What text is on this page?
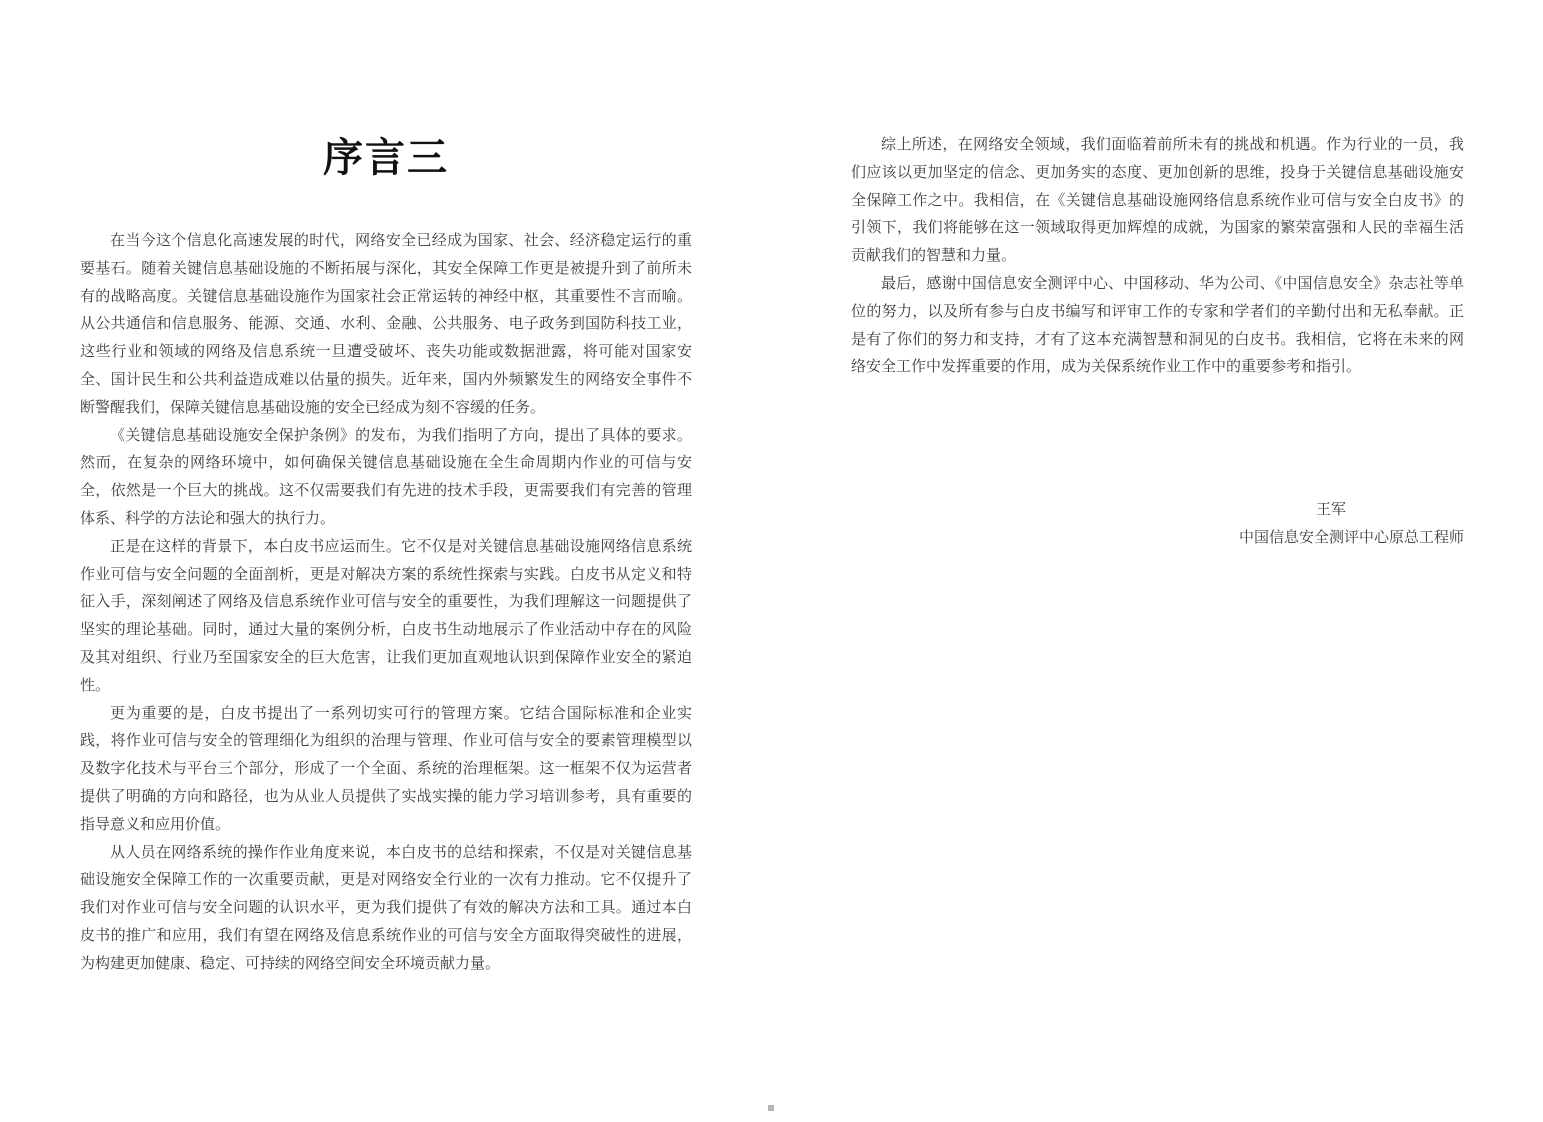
序言三

在当今这个信息化高速发展的时代，网络安全已经成为国家、社会、经济稳定运行的重要基石。随着关键信息基础设施的不断拓展与深化，其安全保障工作更是被提升到了前所未有的战略高度。关键信息基础设施作为国家社会正常运转的神经中枢，其重要性不言而喻。从公共通信和信息服务、能源、交通、水利、金融、公共服务、电子政务到国防科技工业，这些行业和领域的网络及信息系统一旦遭受破坏、丧失功能或数据泄露，将可能对国家安全、国计民生和公共利益造成难以估量的损失。近年来，国内外频繁发生的网络安全事件不断警醒我们，保障关键信息基础设施的安全已经成为刻不容缓的任务。

《关键信息基础设施安全保护条例》的发布，为我们指明了方向，提出了具体的要求。然而，在复杂的网络环境中，如何确保关键信息基础设施在全生命周期内作业的可信与安全，依然是一个巨大的挑战。这不仅需要我们有先进的技术手段，更需要我们有完善的管理体系、科学的方法论和强大的执行力。

正是在这样的背景下，本白皮书应运而生。它不仅是对关键信息基础设施网络信息系统作业可信与安全问题的全面剖析，更是对解决方案的系统性探索与实践。白皮书从定义和特征入手，深刻阐述了网络及信息系统作业可信与安全的重要性，为我们理解这一问题提供了坚实的理论基础。同时，通过大量的案例分析，白皮书生动地展示了作业活动中存在的风险及其对组织、行业乃至国家安全的巨大危害，让我们更加直观地认识到保障作业安全的紧迫性。

更为重要的是，白皮书提出了一系列切实可行的管理方案。它结合国际标准和企业实践，将作业可信与安全的管理细化为组织的治理与管理、作业可信与安全的要素管理模型以及数字化技术与平台三个部分，形成了一个全面、系统的治理框架。这一框架不仅为运营者提供了明确的方向和路径，也为从业人员提供了实战实操的能力学习培训参考，具有重要的指导意义和应用价值。

从人员在网络系统的操作作业角度来说，本白皮书的总结和探索，不仅是对关键信息基础设施安全保障工作的一次重要贡献，更是对网络安全行业的一次有力推动。它不仅提升了我们对作业可信与安全问题的认识水平，更为我们提供了有效的解决方法和工具。通过本白皮书的推广和应用，我们有望在网络及信息系统作业的可信与安全方面取得突破性的进展，为构建更加健康、稳定、可持续的网络空间安全环境贡献力量。

综上所述，在网络安全领域，我们面临着前所未有的挑战和机遇。作为行业的一员，我们应该以更加坚定的信念、更加务实的态度、更加创新的思维，投身于关键信息基础设施安全保障工作之中。我相信，在《关键信息基础设施网络信息系统作业可信与安全白皮书》的引领下，我们将能够在这一领域取得更加辉煌的成就，为国家的繁荣富强和人民的幸福生活贡献我们的智慧和力量。

最后，感谢中国信息安全测评中心、中国移动、华为公司、《中国信息安全》杂志社等单位的努力，以及所有参与白皮书编写和评审工作的专家和学者们的辛勤付出和无私奉献。正是有了你们的努力和支持，才有了这本充满智慧和洞见的白皮书。我相信，它将在未来的网络安全工作中发挥重要的作用，成为关保系统作业工作中的重要参考和指引。

王军
中国信息安全测评中心原总工程师
